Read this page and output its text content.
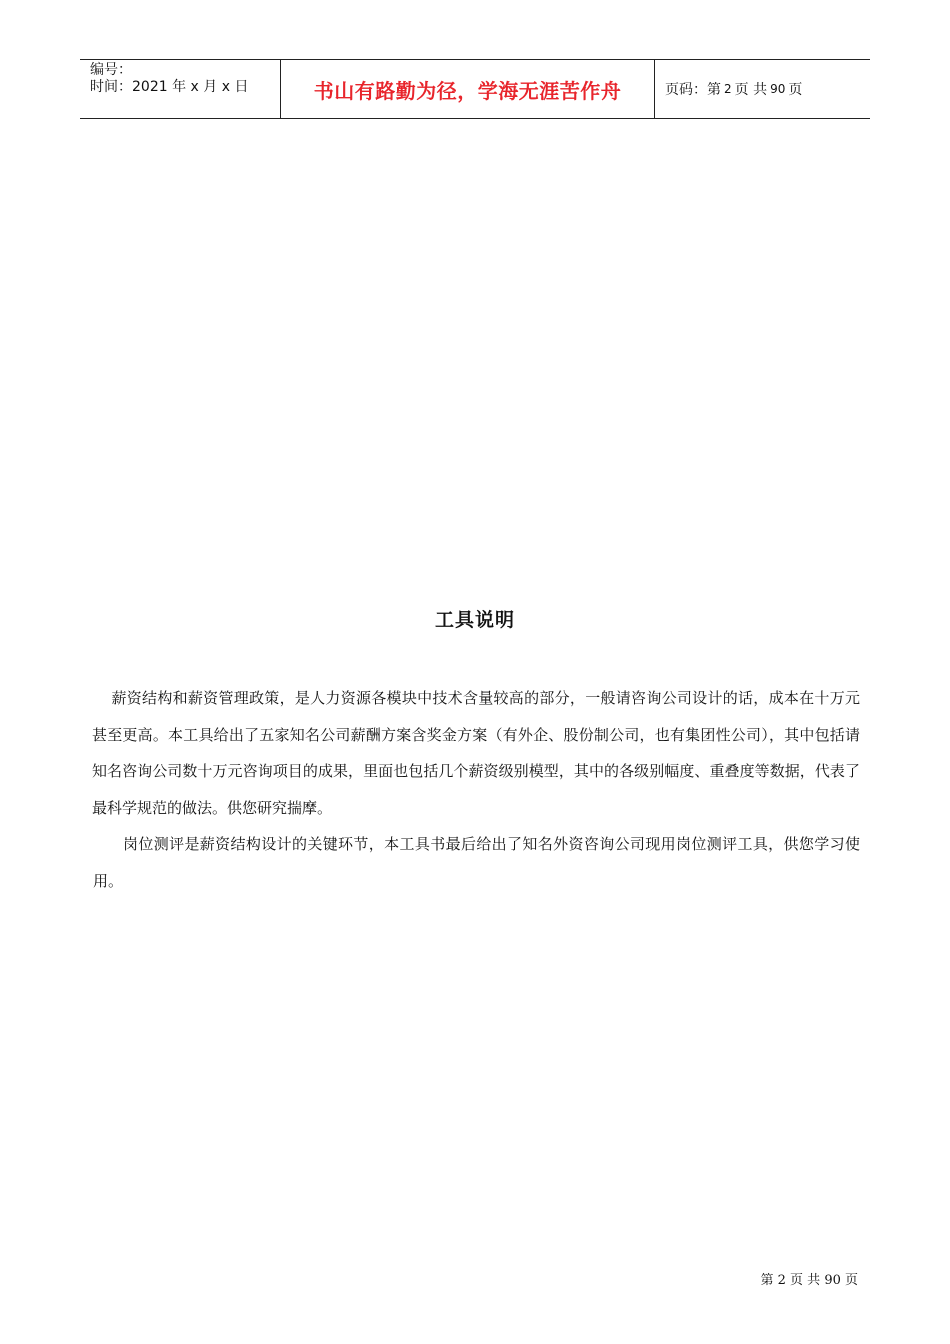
编号：
时间：2021 年 x 月 x 日	书山有路勤为径，学海无涯苦作舟	页码：第 2 页 共 90 页
工具说明

薪资结构和薪资管理政策，是人力资源各模块中技术含量较高的部分，一般请咨询公司设计的话，成本在十万元甚至更高。本工具给出了五家知名公司薪酬方案含奖金方案（有外企、股份制公司，也有集团性公司），其中包括请知名咨询公司数十万元咨询项目的成果，里面也包括几个薪资级别模型，其中的各级别幅度、重叠度等数据，代表了最科学规范的做法。供您研究揣摩。

岗位测评是薪资结构设计的关键环节，本工具书最后给出了知名外资咨询公司现用岗位测评工具，供您学习使用。

第 2 页 共 90 页
